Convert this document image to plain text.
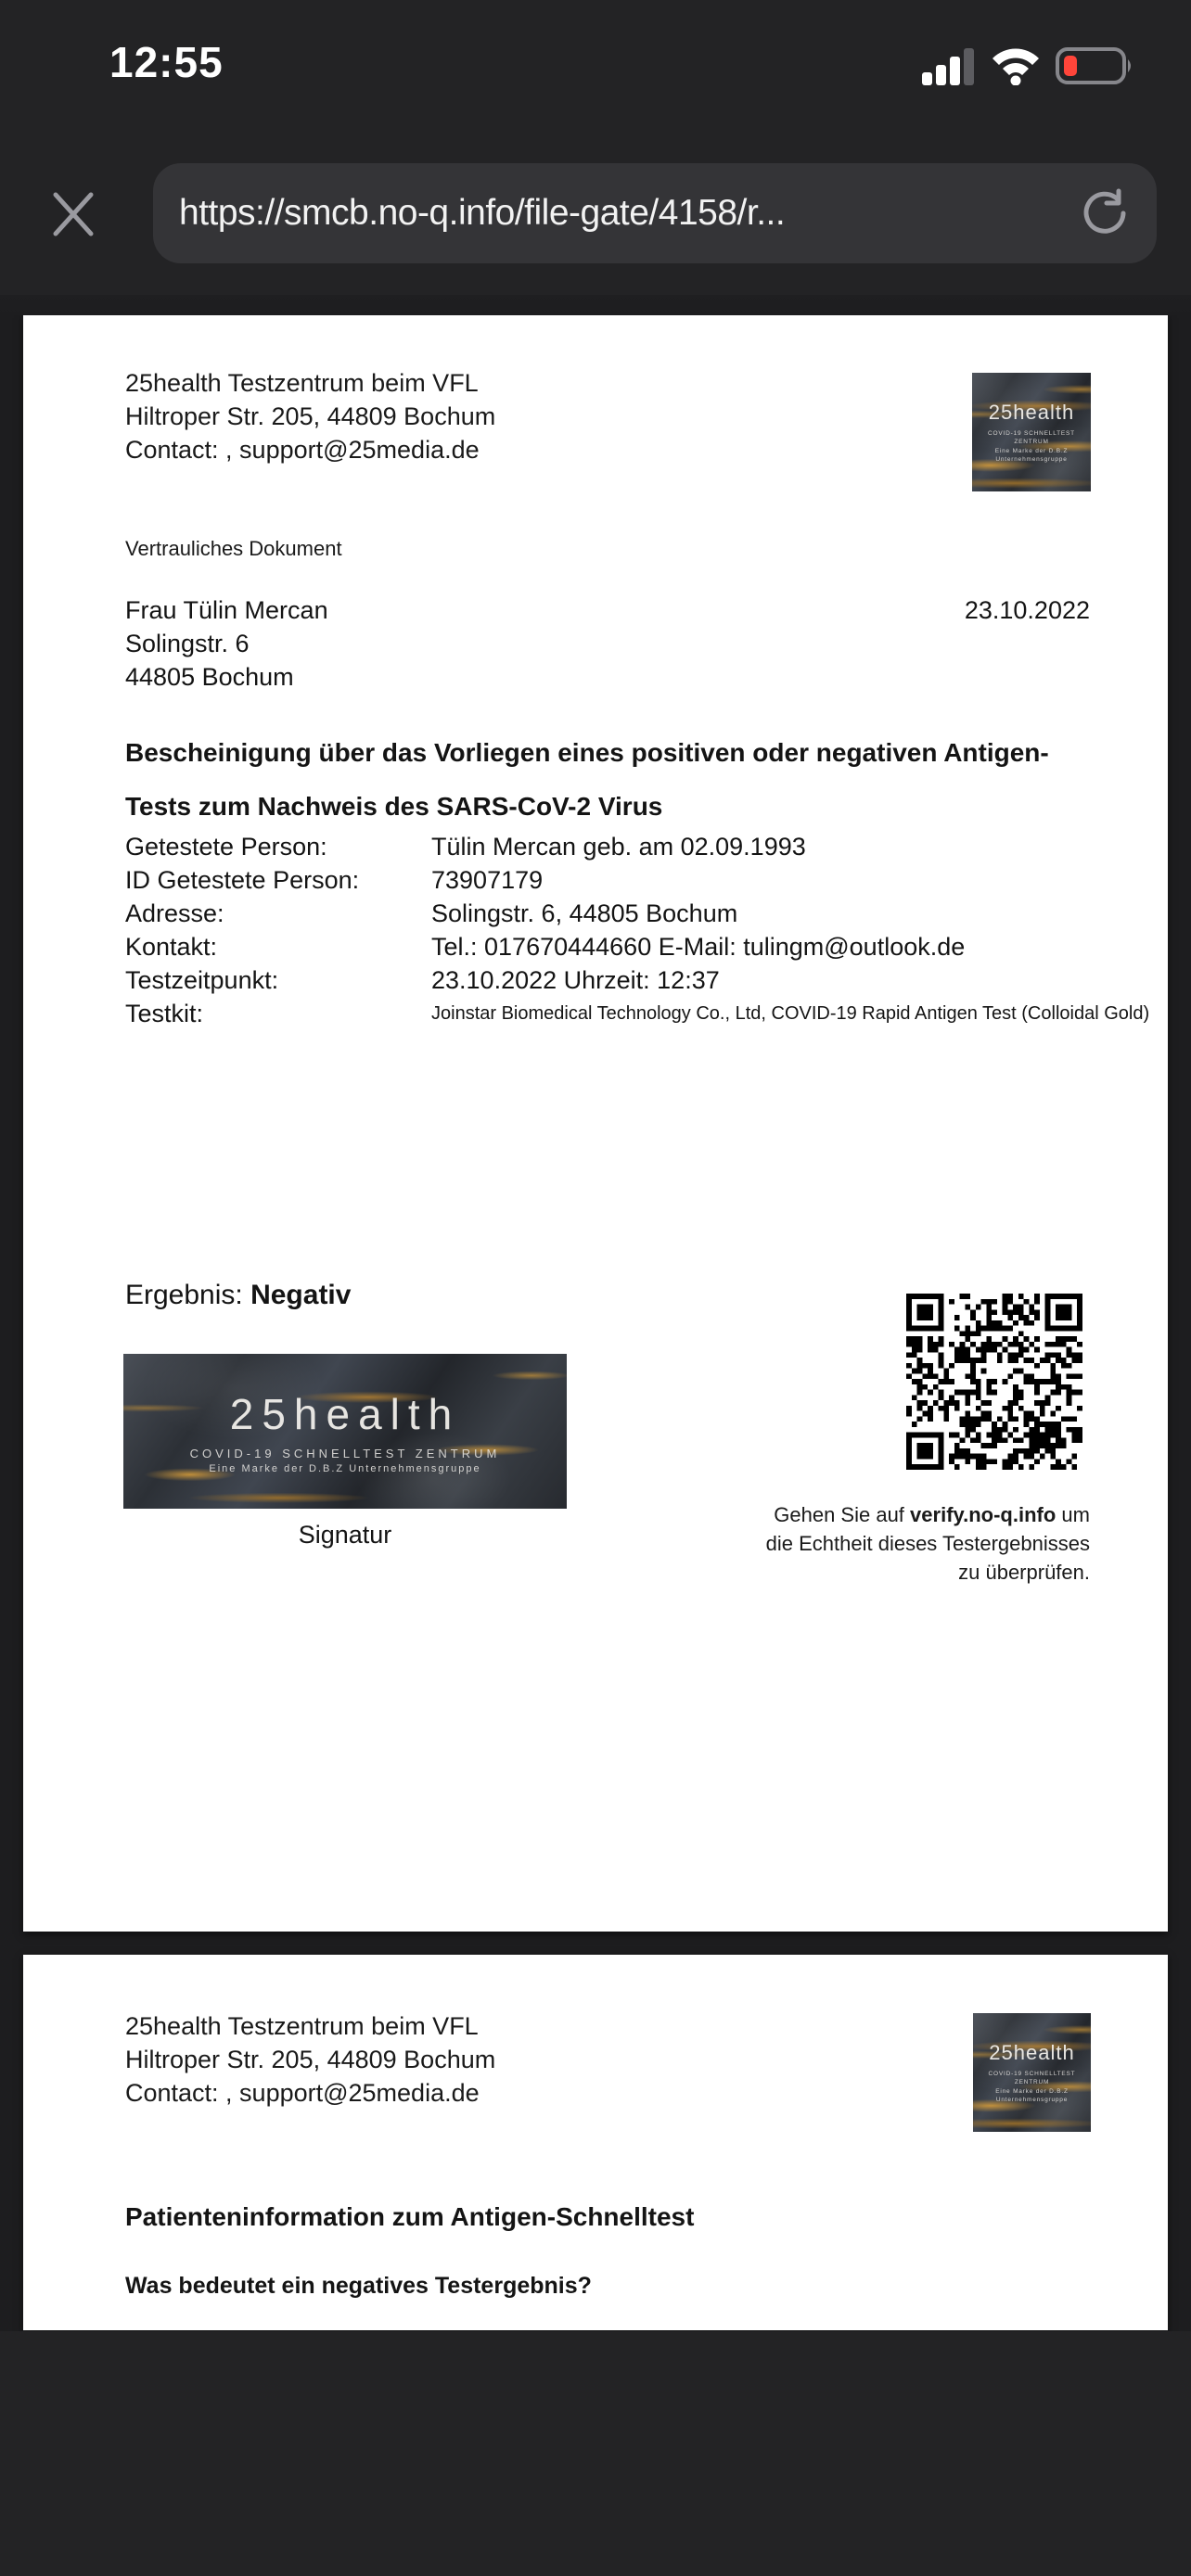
12:55
https://smcb.no-q.info/file-gate/4158/r...
25health Testzentrum beim VFL
Hiltroper Str. 205, 44809 Bochum
Contact: , support@25media.de
25health
COVID-19 SCHNELLTEST ZENTRUM
Eine Marke der D.B.Z Unternehmensgruppe
Vertrauliches Dokument
Frau Tülin Mercan
Solingstr. 6
44805 Bochum
23.10.2022
Bescheinigung über das Vorliegen eines positiven oder negativen Antigen-Tests zum Nachweis des SARS-CoV-2 Virus
Getestete Person:	Tülin Mercan geb. am 02.09.1993
ID Getestete Person:	73907179
Adresse:	Solingstr. 6, 44805 Bochum
Kontakt:	Tel.: 017670444660 E-Mail: tulingm@outlook.de
Testzeitpunkt:	23.10.2022 Uhrzeit: 12:37
Testkit:	Joinstar Biomedical Technology Co., Ltd, COVID-19 Rapid Antigen Test (Colloidal Gold)
Ergebnis: Negativ
25health
COVID-19 SCHNELLTEST ZENTRUM
Eine Marke der D.B.Z Unternehmensgruppe
Signatur
Gehen Sie auf verify.no-q.info um
die Echtheit dieses Testergebnisses
zu überprüfen.
25health Testzentrum beim VFL
Hiltroper Str. 205, 44809 Bochum
Contact: , support@25media.de
25health
COVID-19 SCHNELLTEST ZENTRUM
Eine Marke der D.B.Z Unternehmensgruppe
Patienteninformation zum Antigen-Schnelltest
Was bedeutet ein negatives Testergebnis?
